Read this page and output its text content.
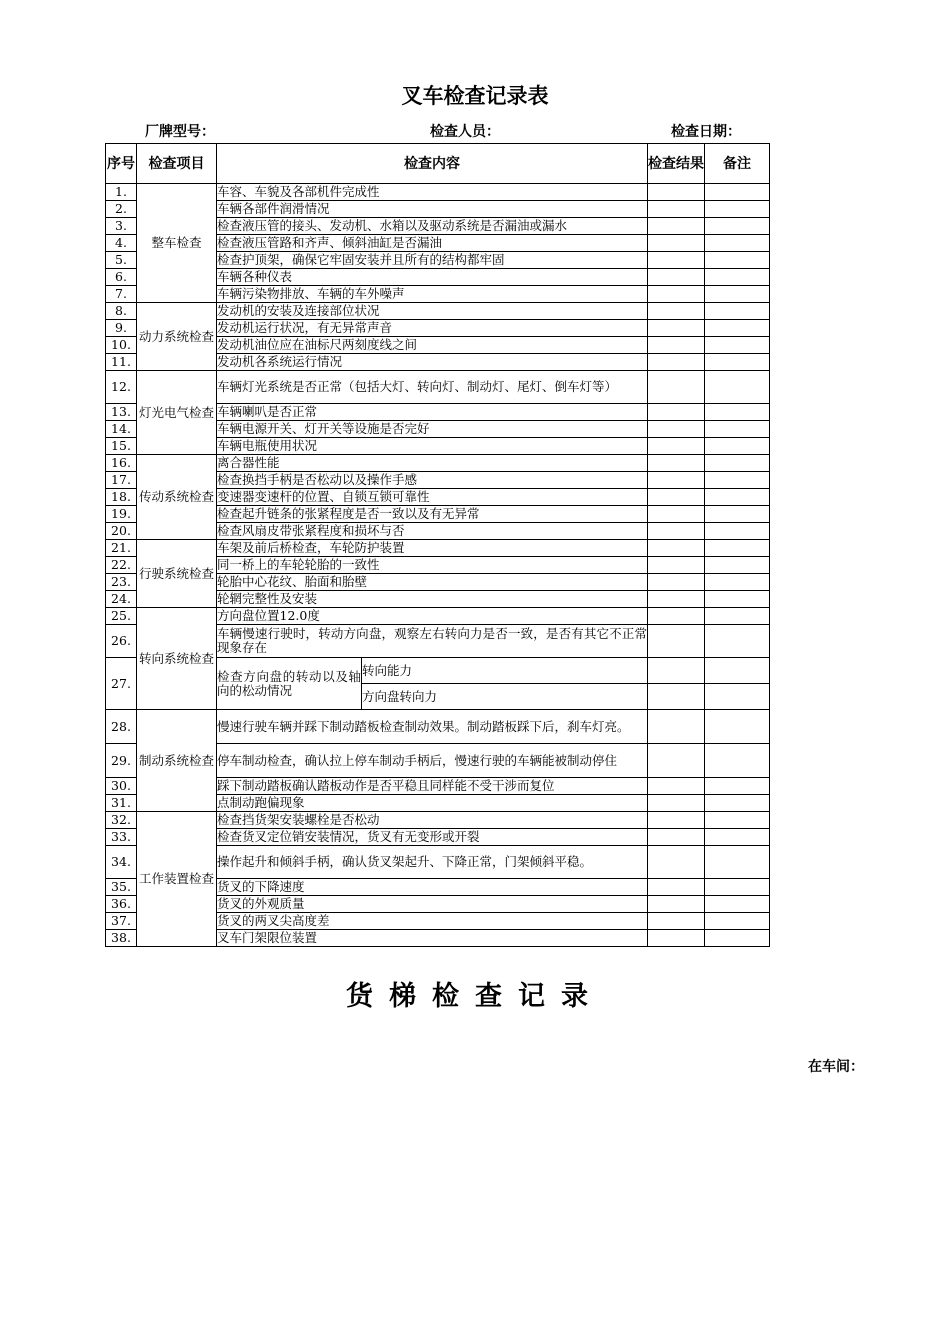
叉车检查记录表
厂牌型号：	检查人员：	检查日期：
序号	检查项目	检查内容		检查结果	备注
1.	整车检查	车容、车貌及各部机件完成性			
2.		车辆各部件润滑情况			
3.		检查液压管的接头、发动机、水箱以及驱动系统是否漏油或漏水			
4.		检查液压管路和齐声、倾斜油缸是否漏油			
5.		检查护顶架，确保它牢固安装并且所有的结构都牢固			
6.		车辆各种仪表			
7.		车辆污染物排放、车辆的车外噪声			
8.	动力系统检查	发动机的安装及连接部位状况			
9.		发动机运行状况，有无异常声音			
10.		发动机油位应在油标尺两刻度线之间			
11.		发动机各系统运行情况			
12.	灯光电气检查	车辆灯光系统是否正常（包括大灯、转向灯、制动灯、尾灯、倒车灯等）			
13.		车辆喇叭是否正常			
14.		车辆电源开关、灯开关等设施是否完好			
15.		车辆电瓶使用状况			
16.	传动系统检查	离合器性能			
17.		检查换挡手柄是否松动以及操作手感			
18.		变速器变速杆的位置、自锁互锁可靠性			
19.		检查起升链条的张紧程度是否一致以及有无异常			
20.		检查风扇皮带张紧程度和损坏与否			
21.	行驶系统检查	车架及前后桥检查，车轮防护装置			
22.		同一桥上的车轮轮胎的一致性			
23.		轮胎中心花纹、胎面和胎壁			
24.		轮辋完整性及安装			
25.	转向系统检查	方向盘位置12.0度			
26.		车辆慢速行驶时，转动方向盘，观察左右转向力是否一致，是否有其它不正常现象存在			
27.		检查方向盘的转动以及轴向的松动情况	转向能力		
			方向盘转向力		
28.	制动系统检查	慢速行驶车辆并踩下制动踏板检查制动效果。制动踏板踩下后，刹车灯亮。			
29.		停车制动检查，确认拉上停车制动手柄后，慢速行驶的车辆能被制动停住			
30.		踩下制动踏板确认踏板动作是否平稳且同样能不受干涉而复位			
31.		点制动跑偏现象			
32.	工作装置检查	检查挡货架安装螺栓是否松动			
33.		检查货叉定位销安装情况，货叉有无变形或开裂			
34.		操作起升和倾斜手柄，确认货叉架起升、下降正常，门架倾斜平稳。			
35.		货叉的下降速度			
36.		货叉的外观质量			
37.		货叉的两叉尖高度差			
38.		叉车门架限位装置			
货梯检查记录
在车间：
